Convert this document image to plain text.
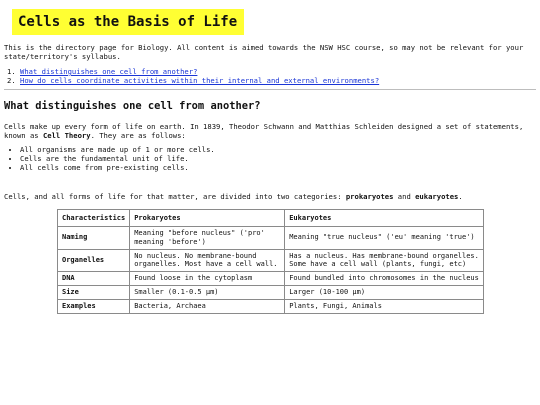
Cells as the Basis of Life

This is the directory page for Biology. All content is aimed towards the NSW HSC course, so may not be relevant for your state/territory's syllabus.

1. What distinguishes one cell from another?
2. How do cells coordinate activities within their internal and external environments?
What distinguishes one cell from another?

Cells make up every form of life on earth. In 1839, Theodor Schwann and Matthias Schleiden designed a set of statements, known as Cell Theory. They are as follows:

• All organisms are made up of 1 or more cells.
• Cells are the fundamental unit of life.
• All cells come from pre-existing cells.

Cells, and all forms of life for that matter, are divided into two categories: prokaryotes and eukaryotes.

Characteristics	Prokaryotes	Eukaryotes
Naming	Meaning "before nucleus" ('pro' meaning 'before')	Meaning "true nucleus" ('eu' meaning 'true')
Organelles	No nucleus. No membrane-bound organelles. Most have a cell wall.	Has a nucleus. Has membrane-bound organelles. Some have a cell wall (plants, fungi, etc)
DNA	Found loose in the cytoplasm	Found bundled into chromosomes in the nucleus
Size	Smaller (0.1-0.5 μm)	Larger (10-100 μm)
Examples	Bacteria, Archaea	Plants, Fungi, Animals
